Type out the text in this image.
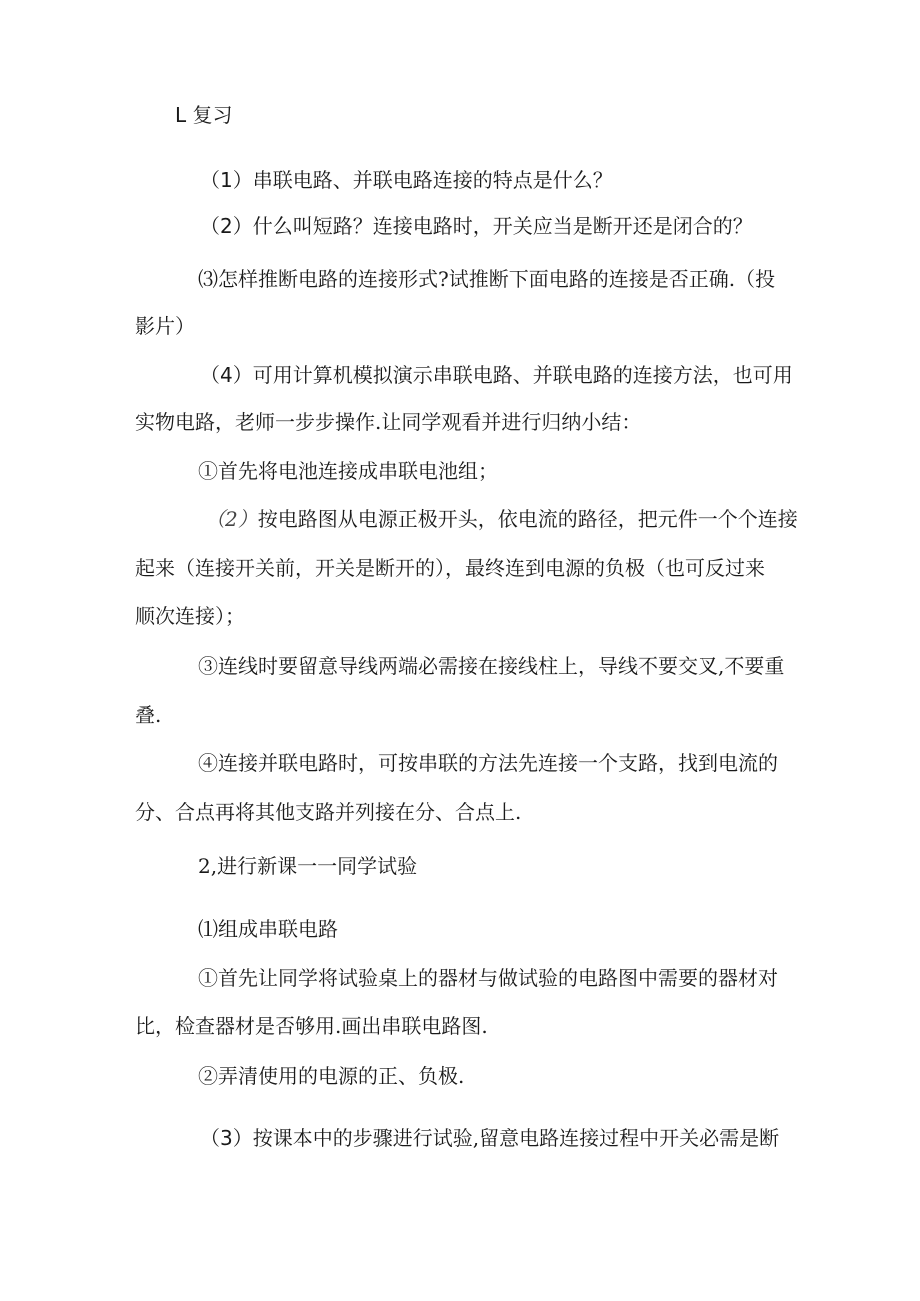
L 复习

（1）串联电路、并联电路连接的特点是什么？

（2）什么叫短路？连接电路时，开关应当是断开还是闭合的？

⑶怎样推断电路的连接形式?试推断下面电路的连接是否正确.（投

影片）

（4）可用计算机模拟演示串联电路、并联电路的连接方法，也可用

实物电路，老师一步步操作.让同学观看并进行归纳小结：

①首先将电池连接成串联电池组；

（2）按电路图从电源正极开头，依电流的路径，把元件一个个连接

起来（连接开关前，开关是断开的），最终连到电源的负极（也可反过来

顺次连接）；

③连线时要留意导线两端必需接在接线柱上，导线不要交叉,不要重

叠.

④连接并联电路时，可按串联的方法先连接一个支路，找到电流的

分、合点再将其他支路并列接在分、合点上.

2,进行新课一一同学试验

⑴组成串联电路

①首先让同学将试验桌上的器材与做试验的电路图中需要的器材对

比，检查器材是否够用.画出串联电路图.

②弄清使用的电源的正、负极.

（3）按课本中的步骤进行试验,留意电路连接过程中开关必需是断
